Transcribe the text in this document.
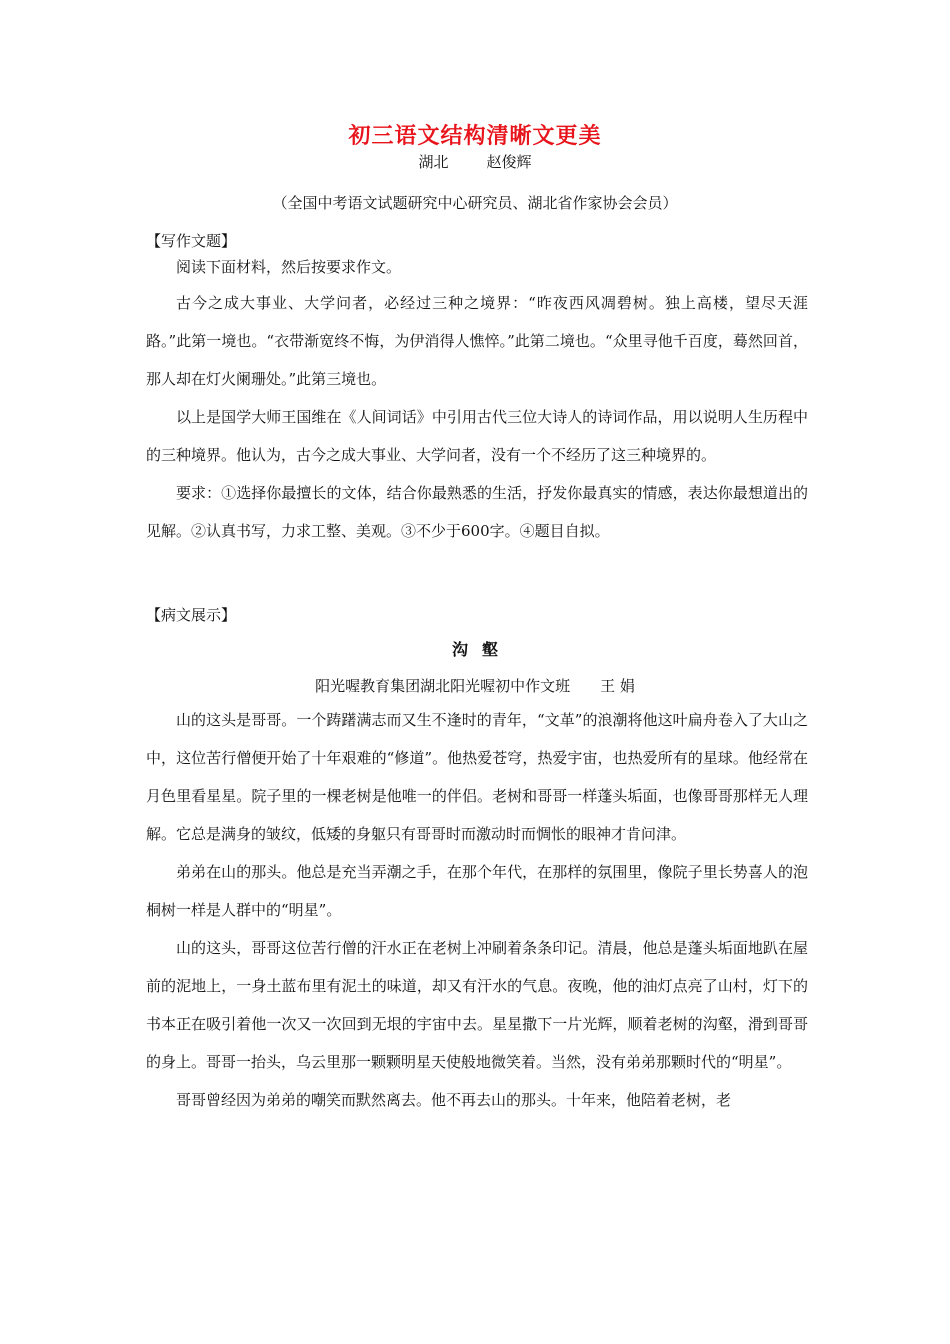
初三语文结构清晰文更美
湖北	赵俊辉
（全国中考语文试题研究中心研究员、湖北省作家协会会员）
【写作文题】

阅读下面材料，然后按要求作文。

古今之成大事业、大学问者，必经过三种之境界：“昨夜西风凋碧树。独上高楼，望尽天涯路。”此第一境也。“衣带渐宽终不悔，为伊消得人憔悴。”此第二境也。“众里寻他千百度，蓦然回首，那人却在灯火阑珊处。”此第三境也。

以上是国学大师王国维在《人间词话》中引用古代三位大诗人的诗词作品，用以说明人生历程中的三种境界。他认为，古今之成大事业、大学问者，没有一个不经历了这三种境界的。

要求：①选择你最擅长的文体，结合你最熟悉的生活，抒发你最真实的情感，表达你最想道出的见解。②认真书写，力求工整、美观。③不少于600字。④题目自拟。

【病文展示】
沟壑
阳光喔教育集团湖北阳光喔初中作文班 王 娟

山的这头是哥哥。一个踌躇满志而又生不逢时的青年，“文革”的浪潮将他这叶扁舟卷入了大山之中，这位苦行僧便开始了十年艰难的“修道”。他热爱苍穹，热爱宇宙，也热爱所有的星球。他经常在月色里看星星。院子里的一棵老树是他唯一的伴侣。老树和哥哥一样蓬头垢面，也像哥哥那样无人理解。它总是满身的皱纹，低矮的身躯只有哥哥时而激动时而惆怅的眼神才肯问津。

弟弟在山的那头。他总是充当弄潮之手，在那个年代，在那样的氛围里，像院子里长势喜人的泡桐树一样是人群中的“明星”。

山的这头，哥哥这位苦行僧的汗水正在老树上冲刷着条条印记。清晨，他总是蓬头垢面地趴在屋前的泥地上，一身土蓝布里有泥土的味道，却又有汗水的气息。夜晚，他的油灯点亮了山村，灯下的书本正在吸引着他一次又一次回到无垠的宇宙中去。星星撒下一片光辉，顺着老树的沟壑，滑到哥哥的身上。哥哥一抬头，乌云里那一颗颗明星天使般地微笑着。当然，没有弟弟那颗时代的“明星”。

哥哥曾经因为弟弟的嘲笑而默然离去。他不再去山的那头。十年来，他陪着老树，老
